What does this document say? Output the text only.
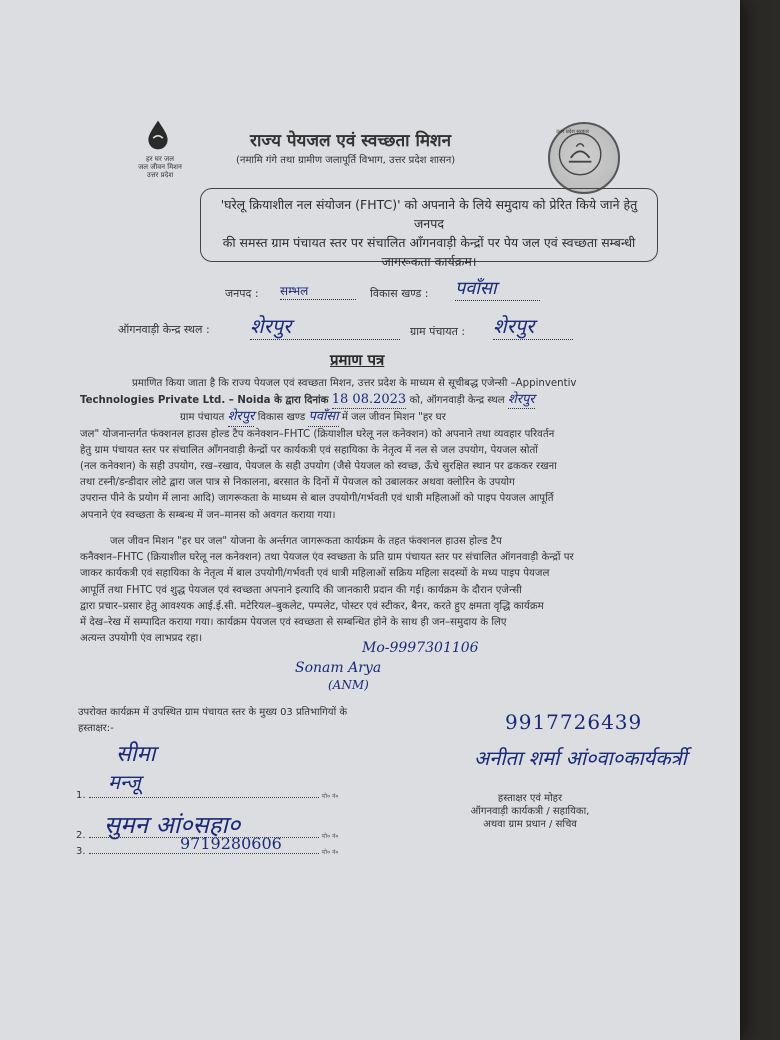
हर घर जल
जल जीवन मिशन
उत्तर प्रदेश
राज्य पेयजल एवं स्वच्छता मिशन
(नमामि गंगे तथा ग्रामीण जलापूर्ति विभाग, उत्तर प्रदेश शासन)
उत्तर प्रदेश सरकार
'घरेलू क्रियाशील नल संयोजन (FHTC)' को अपनाने के लिये समुदाय को प्रेरित किये जाने हेतु जनपद
की समस्त ग्राम पंचायत स्तर पर संचालित आँगनवाड़ी केन्द्रों पर पेय जल एवं स्वच्छता सम्बन्धी
जागरूकता कार्यक्रम।
जनपद : सम्भल	विकास खण्ड : पवाँसा
ऑगनवाड़ी केन्द्र स्थल : शेरपुर	ग्राम पंचायत : शेरपुर
प्रमाण पत्र
प्रमाणित किया जाता है कि राज्य पेयजल एवं स्वच्छता मिशन, उत्तर प्रदेश के माध्यम से सूचीबद्ध एजेन्सी –Appinventiv
Technologies Private Ltd. – Noida के द्वारा दिनांक 18 08.2023 को, ऑगनवाड़ी केन्द्र स्थल शेरपुर
ग्राम पंचायत शेरपुर विकास खण्ड पवाँसा में जल जीवन मिशन "हर घर
जल" योजनान्तर्गत फंक्शनल हाउस होल्ड टैप कनेक्शन–FHTC (क्रियाशील घरेलू नल कनेक्शन) को अपनाने तथा व्यवहार परिवर्तन
हेतु ग्राम पंचायत स्तर पर संचालित आँगनवाड़ी केन्द्रों पर कार्यकत्री एवं सहायिका के नेतृत्व में नल से जल उपयोग, पेयजल स्रोतों
(नल कनेक्शन) के सही उपयोग, रख–रखाव, पेयजल के सही उपयोग (जैसे पेयजल को स्वच्छ, ऊँचे सुरक्षित स्थान पर ढककर रखना
तथा टस्नी/डन्डीदार लोटे द्वारा जल पात्र से निकालना, बरसात के दिनों में पेयजल को उबालकर अथवा क्लोरिन के उपयोग
उपरान्त पीने के प्रयोग में लाना आदि) जागरूकता के माध्यम से बाल उपयोगी/गर्भवती एवं धात्री महिलाओं को पाइप पेयजल आपूर्ति
अपनाने एंव स्वच्छता के सम्बन्ध में जन–मानस को अवगत कराया गया।
जल जीवन मिशन "हर घर जल" योजना के अर्न्तगत जागरूकता कार्यक्रम के तहत फंक्शनल हाउस होल्ड टैप
कनैक्शन–FHTC (क्रियाशील घरेलू नल कनेक्शन) तथा पेयजल एंव स्वच्छता के प्रति ग्राम पंचायत स्तर पर संचालित ऑगनवाड़ी केन्द्रों पर
जाकर कार्यकत्री एवं सहायिका के नेतृत्व में बाल उपयोगी/गर्भवती एवं धात्री महिलाओं सक्रिय महिला सदस्यों के मध्य पाइप पेयजल
आपूर्ति तथा FHTC एवं शुद्ध पेयजल एवं स्वच्छता अपनाने इत्यादि की जानकारी प्रदान की गई। कार्यक्रम के दौरान एजेन्सी
द्वारा प्रचार–प्रसार हेतु आवश्यक आई.ई.सी. मटेरियल–बुकलेट, पम्पलेट, पोस्टर एवं स्टीकर, बैनर, करते हुए क्षमता वृद्धि कार्यक्रम
में देख–रेख में सम्पादित कराया गया। कार्यक्रम पेयजल एवं स्वच्छता से सम्बन्धित होने के साथ ही जन–समुदाय के लिए
अत्यन्त उपयोगी एंव लाभप्रद रहा।
Mo-9997301106
Sonam Arya
(ANM)
उपरोक्त कार्यक्रम में उपस्थित ग्राम पंचायत स्तर के मुख्य 03 प्रतिभागियों के
हस्ताक्षर:-	9917726439
अनीता शर्मा आं०वा०कार्यकर्त्री
सीमा
मन्जू
1.	मो० नं०
सुमन आं०सहा०
2.	मो० नं०
9719280606
3.	मो० नं०
हस्ताक्षर एवं मोहर
ऑगनवाड़ी कार्यकत्री / सहायिका,
अथवा ग्राम प्रधान / सचिव
